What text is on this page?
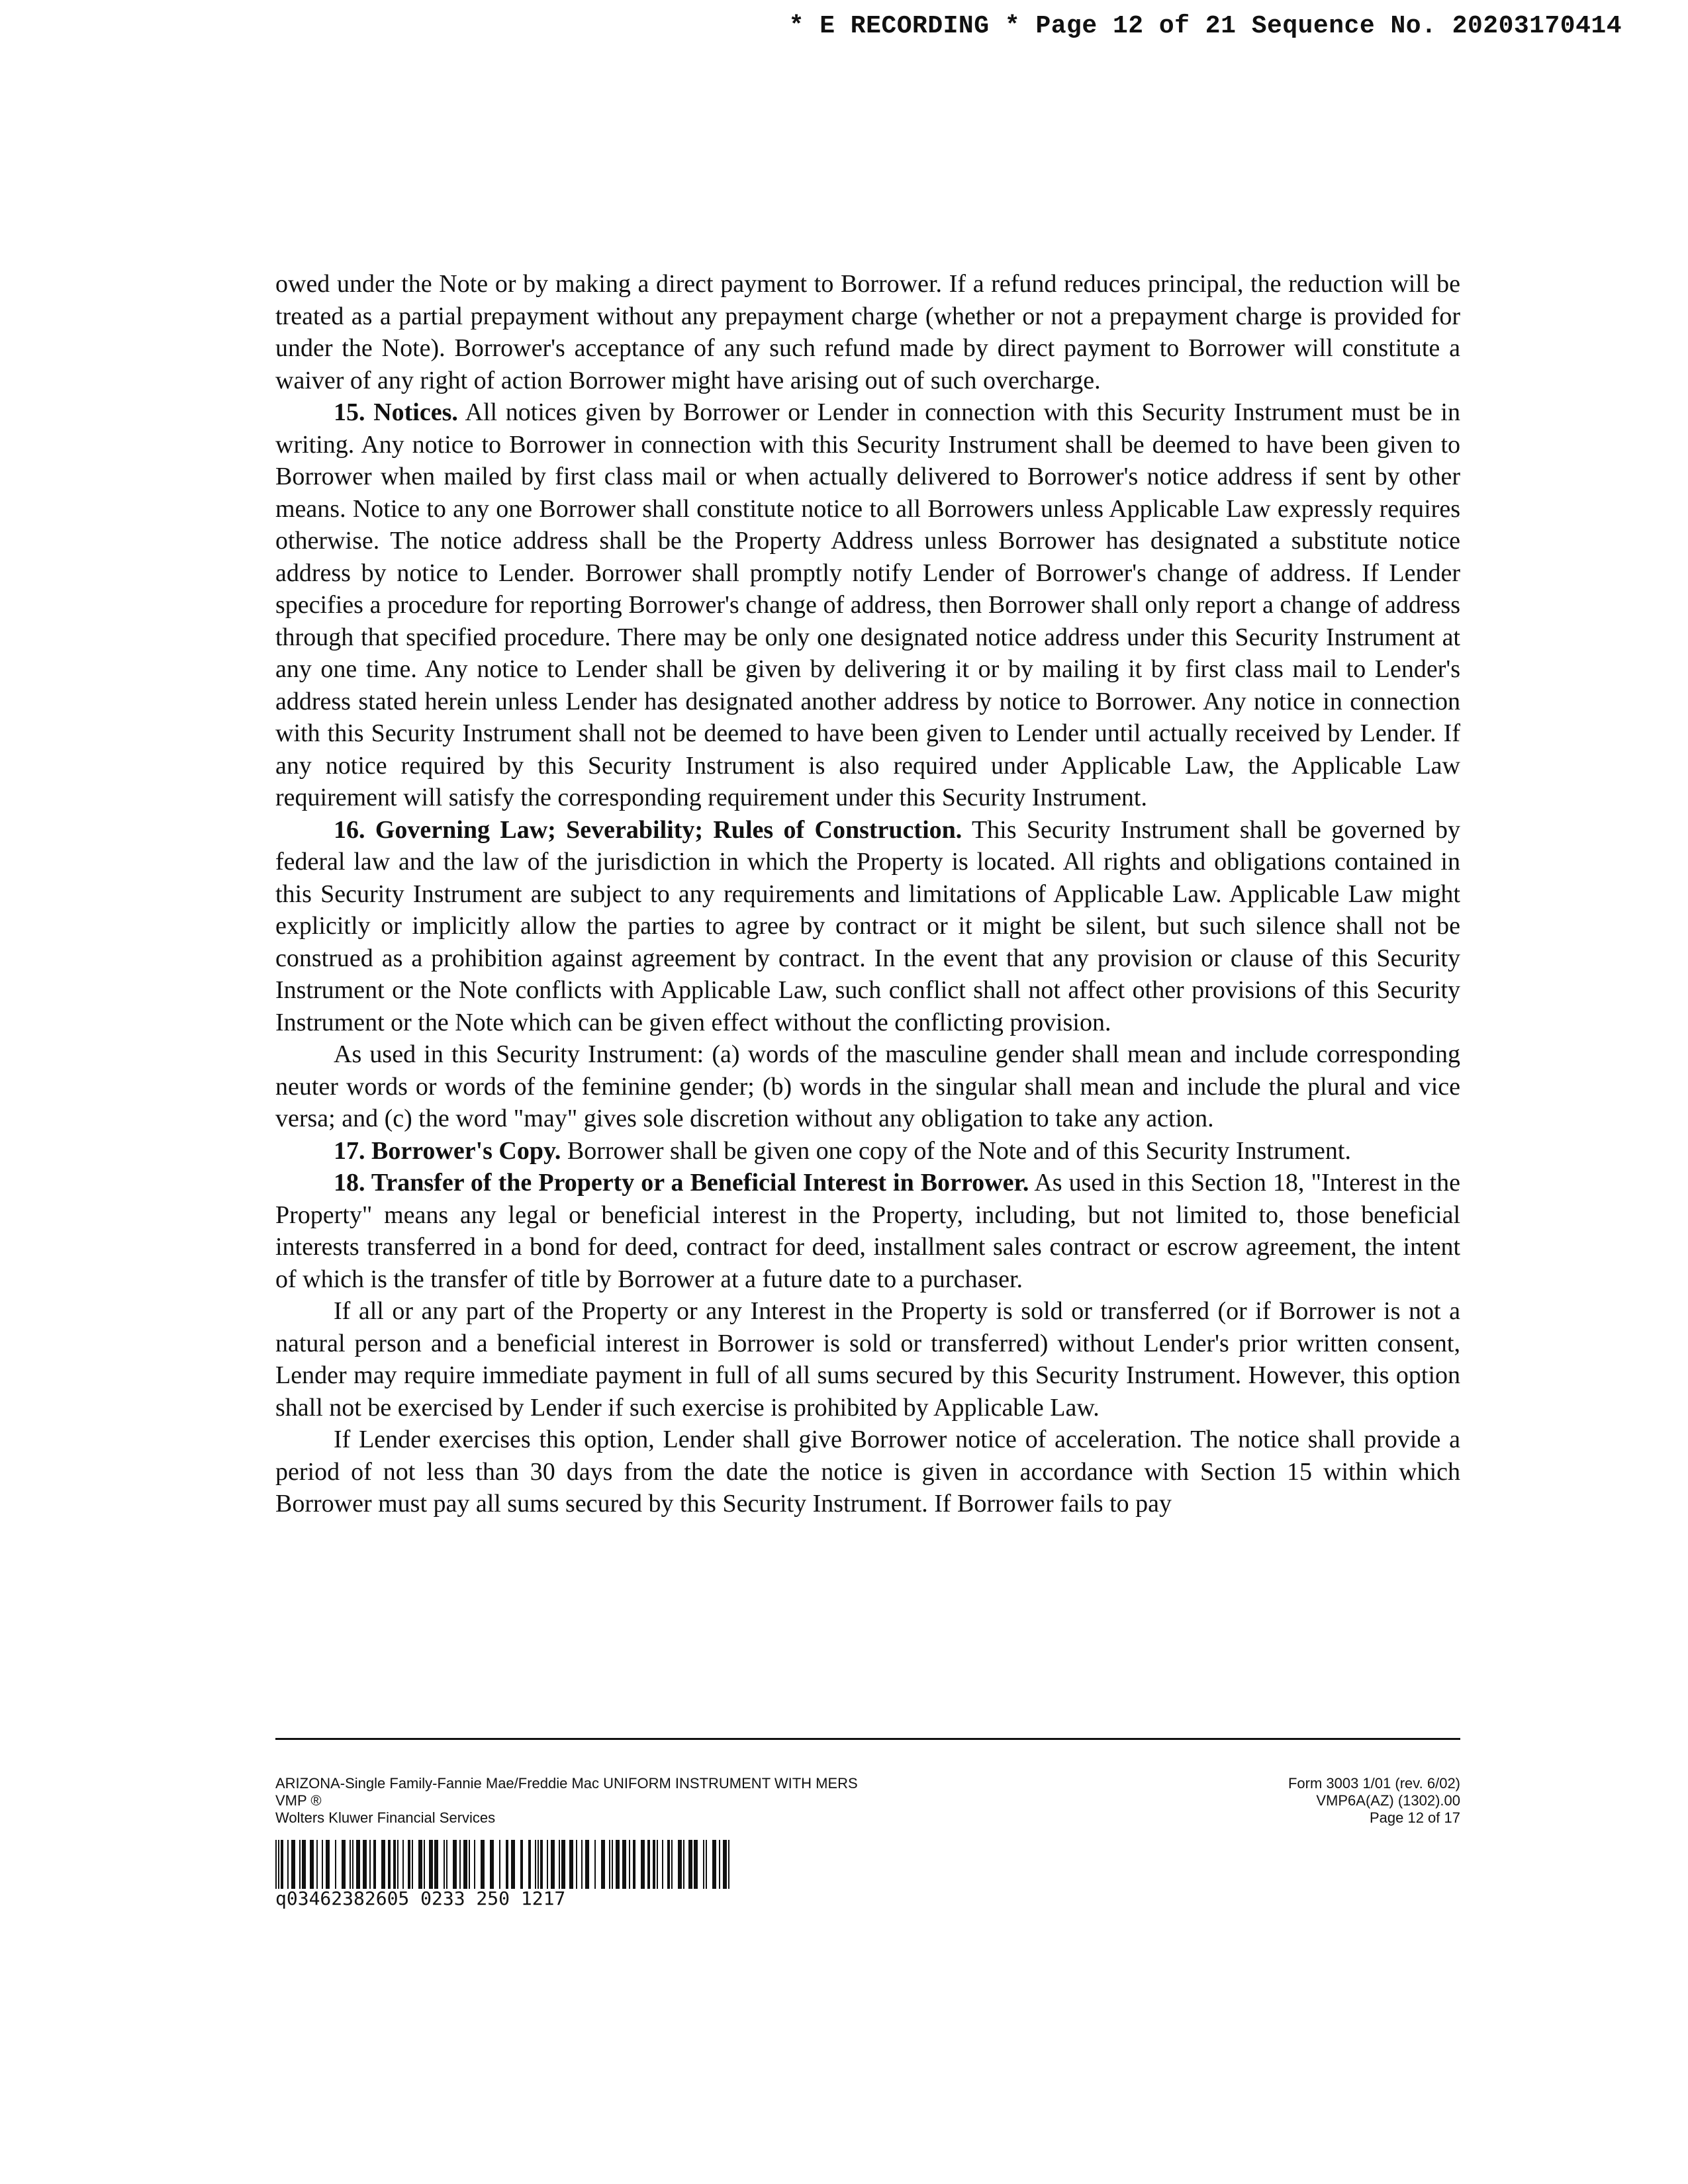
* E RECORDING * Page 12 of 21 Sequence No. 20203170414

owed under the Note or by making a direct payment to Borrower. If a refund reduces principal, the reduction will be treated as a partial prepayment without any prepayment charge (whether or not a prepayment charge is provided for under the Note). Borrower's acceptance of any such refund made by direct payment to Borrower will constitute a waiver of any right of action Borrower might have arising out of such overcharge.

15. Notices. All notices given by Borrower or Lender in connection with this Security Instrument must be in writing. Any notice to Borrower in connection with this Security Instrument shall be deemed to have been given to Borrower when mailed by first class mail or when actually delivered to Borrower's notice address if sent by other means. Notice to any one Borrower shall constitute notice to all Borrowers unless Applicable Law expressly requires otherwise. The notice address shall be the Property Address unless Borrower has designated a substitute notice address by notice to Lender. Borrower shall promptly notify Lender of Borrower's change of address. If Lender specifies a procedure for reporting Borrower's change of address, then Borrower shall only report a change of address through that specified procedure. There may be only one designated notice address under this Security Instrument at any one time. Any notice to Lender shall be given by delivering it or by mailing it by first class mail to Lender's address stated herein unless Lender has designated another address by notice to Borrower. Any notice in connection with this Security Instrument shall not be deemed to have been given to Lender until actually received by Lender. If any notice required by this Security Instrument is also required under Applicable Law, the Applicable Law requirement will satisfy the corresponding requirement under this Security Instrument.

16. Governing Law; Severability; Rules of Construction. This Security Instrument shall be governed by federal law and the law of the jurisdiction in which the Property is located. All rights and obligations contained in this Security Instrument are subject to any requirements and limitations of Applicable Law. Applicable Law might explicitly or implicitly allow the parties to agree by contract or it might be silent, but such silence shall not be construed as a prohibition against agreement by contract. In the event that any provision or clause of this Security Instrument or the Note conflicts with Applicable Law, such conflict shall not affect other provisions of this Security Instrument or the Note which can be given effect without the conflicting provision.

As used in this Security Instrument: (a) words of the masculine gender shall mean and include corresponding neuter words or words of the feminine gender; (b) words in the singular shall mean and include the plural and vice versa; and (c) the word "may" gives sole discretion without any obligation to take any action.

17. Borrower's Copy. Borrower shall be given one copy of the Note and of this Security Instrument.

18. Transfer of the Property or a Beneficial Interest in Borrower. As used in this Section 18, "Interest in the Property" means any legal or beneficial interest in the Property, including, but not limited to, those beneficial interests transferred in a bond for deed, contract for deed, installment sales contract or escrow agreement, the intent of which is the transfer of title by Borrower at a future date to a purchaser.

If all or any part of the Property or any Interest in the Property is sold or transferred (or if Borrower is not a natural person and a beneficial interest in Borrower is sold or transferred) without Lender's prior written consent, Lender may require immediate payment in full of all sums secured by this Security Instrument. However, this option shall not be exercised by Lender if such exercise is prohibited by Applicable Law.

If Lender exercises this option, Lender shall give Borrower notice of acceleration. The notice shall provide a period of not less than 30 days from the date the notice is given in accordance with Section 15 within which Borrower must pay all sums secured by this Security Instrument. If Borrower fails to pay

ARIZONA-Single Family-Fannie Mae/Freddie Mac UNIFORM INSTRUMENT WITH MERS
VMP ®
Wolters Kluwer Financial Services
Form 3003 1/01 (rev. 6/02)
VMP6A(AZ) (1302).00
Page 12 of 17
q03462382605 0233 250 1217
